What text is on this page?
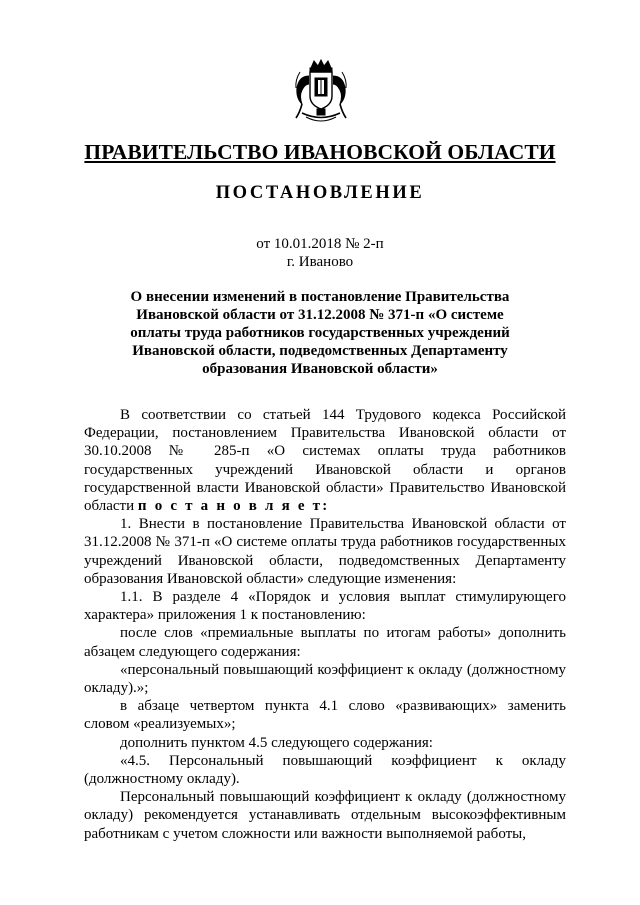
ПРАВИТЕЛЬСТВО ИВАНОВСКОЙ ОБЛАСТИ
ПОСТАНОВЛЕНИЕ
от 10.01.2018 № 2-п
г. Иваново
О внесении изменений в постановление Правительства Ивановской области от 31.12.2008 № 371-п «О системе оплаты труда работников государственных учреждений Ивановской области, подведомственных Департаменту образования Ивановской области»

В соответствии со статьей 144 Трудового кодекса Российской Федерации, постановлением Правительства Ивановской области от 30.10.2008 № 285-п «О системах оплаты труда работников государственных учреждений Ивановской области и органов государственной власти Ивановской области» Правительство Ивановской области п о с т а н о в л я е т:

1. Внести в постановление Правительства Ивановской области от 31.12.2008 № 371-п «О системе оплаты труда работников государственных учреждений Ивановской области, подведомственных Департаменту образования Ивановской области» следующие изменения:

1.1. В разделе 4 «Порядок и условия выплат стимулирующего характера» приложения 1 к постановлению:

после слов «премиальные выплаты по итогам работы» дополнить абзацем следующего содержания:

«персональный повышающий коэффициент к окладу (должностному окладу).»;

в абзаце четвертом пункта 4.1 слово «развивающих» заменить словом «реализуемых»;

дополнить пунктом 4.5 следующего содержания:

«4.5. Персональный повышающий коэффициент к окладу (должностному окладу).

Персональный повышающий коэффициент к окладу (должностному окладу) рекомендуется устанавливать отдельным высокоэффективным работникам с учетом сложности или важности выполняемой работы,
